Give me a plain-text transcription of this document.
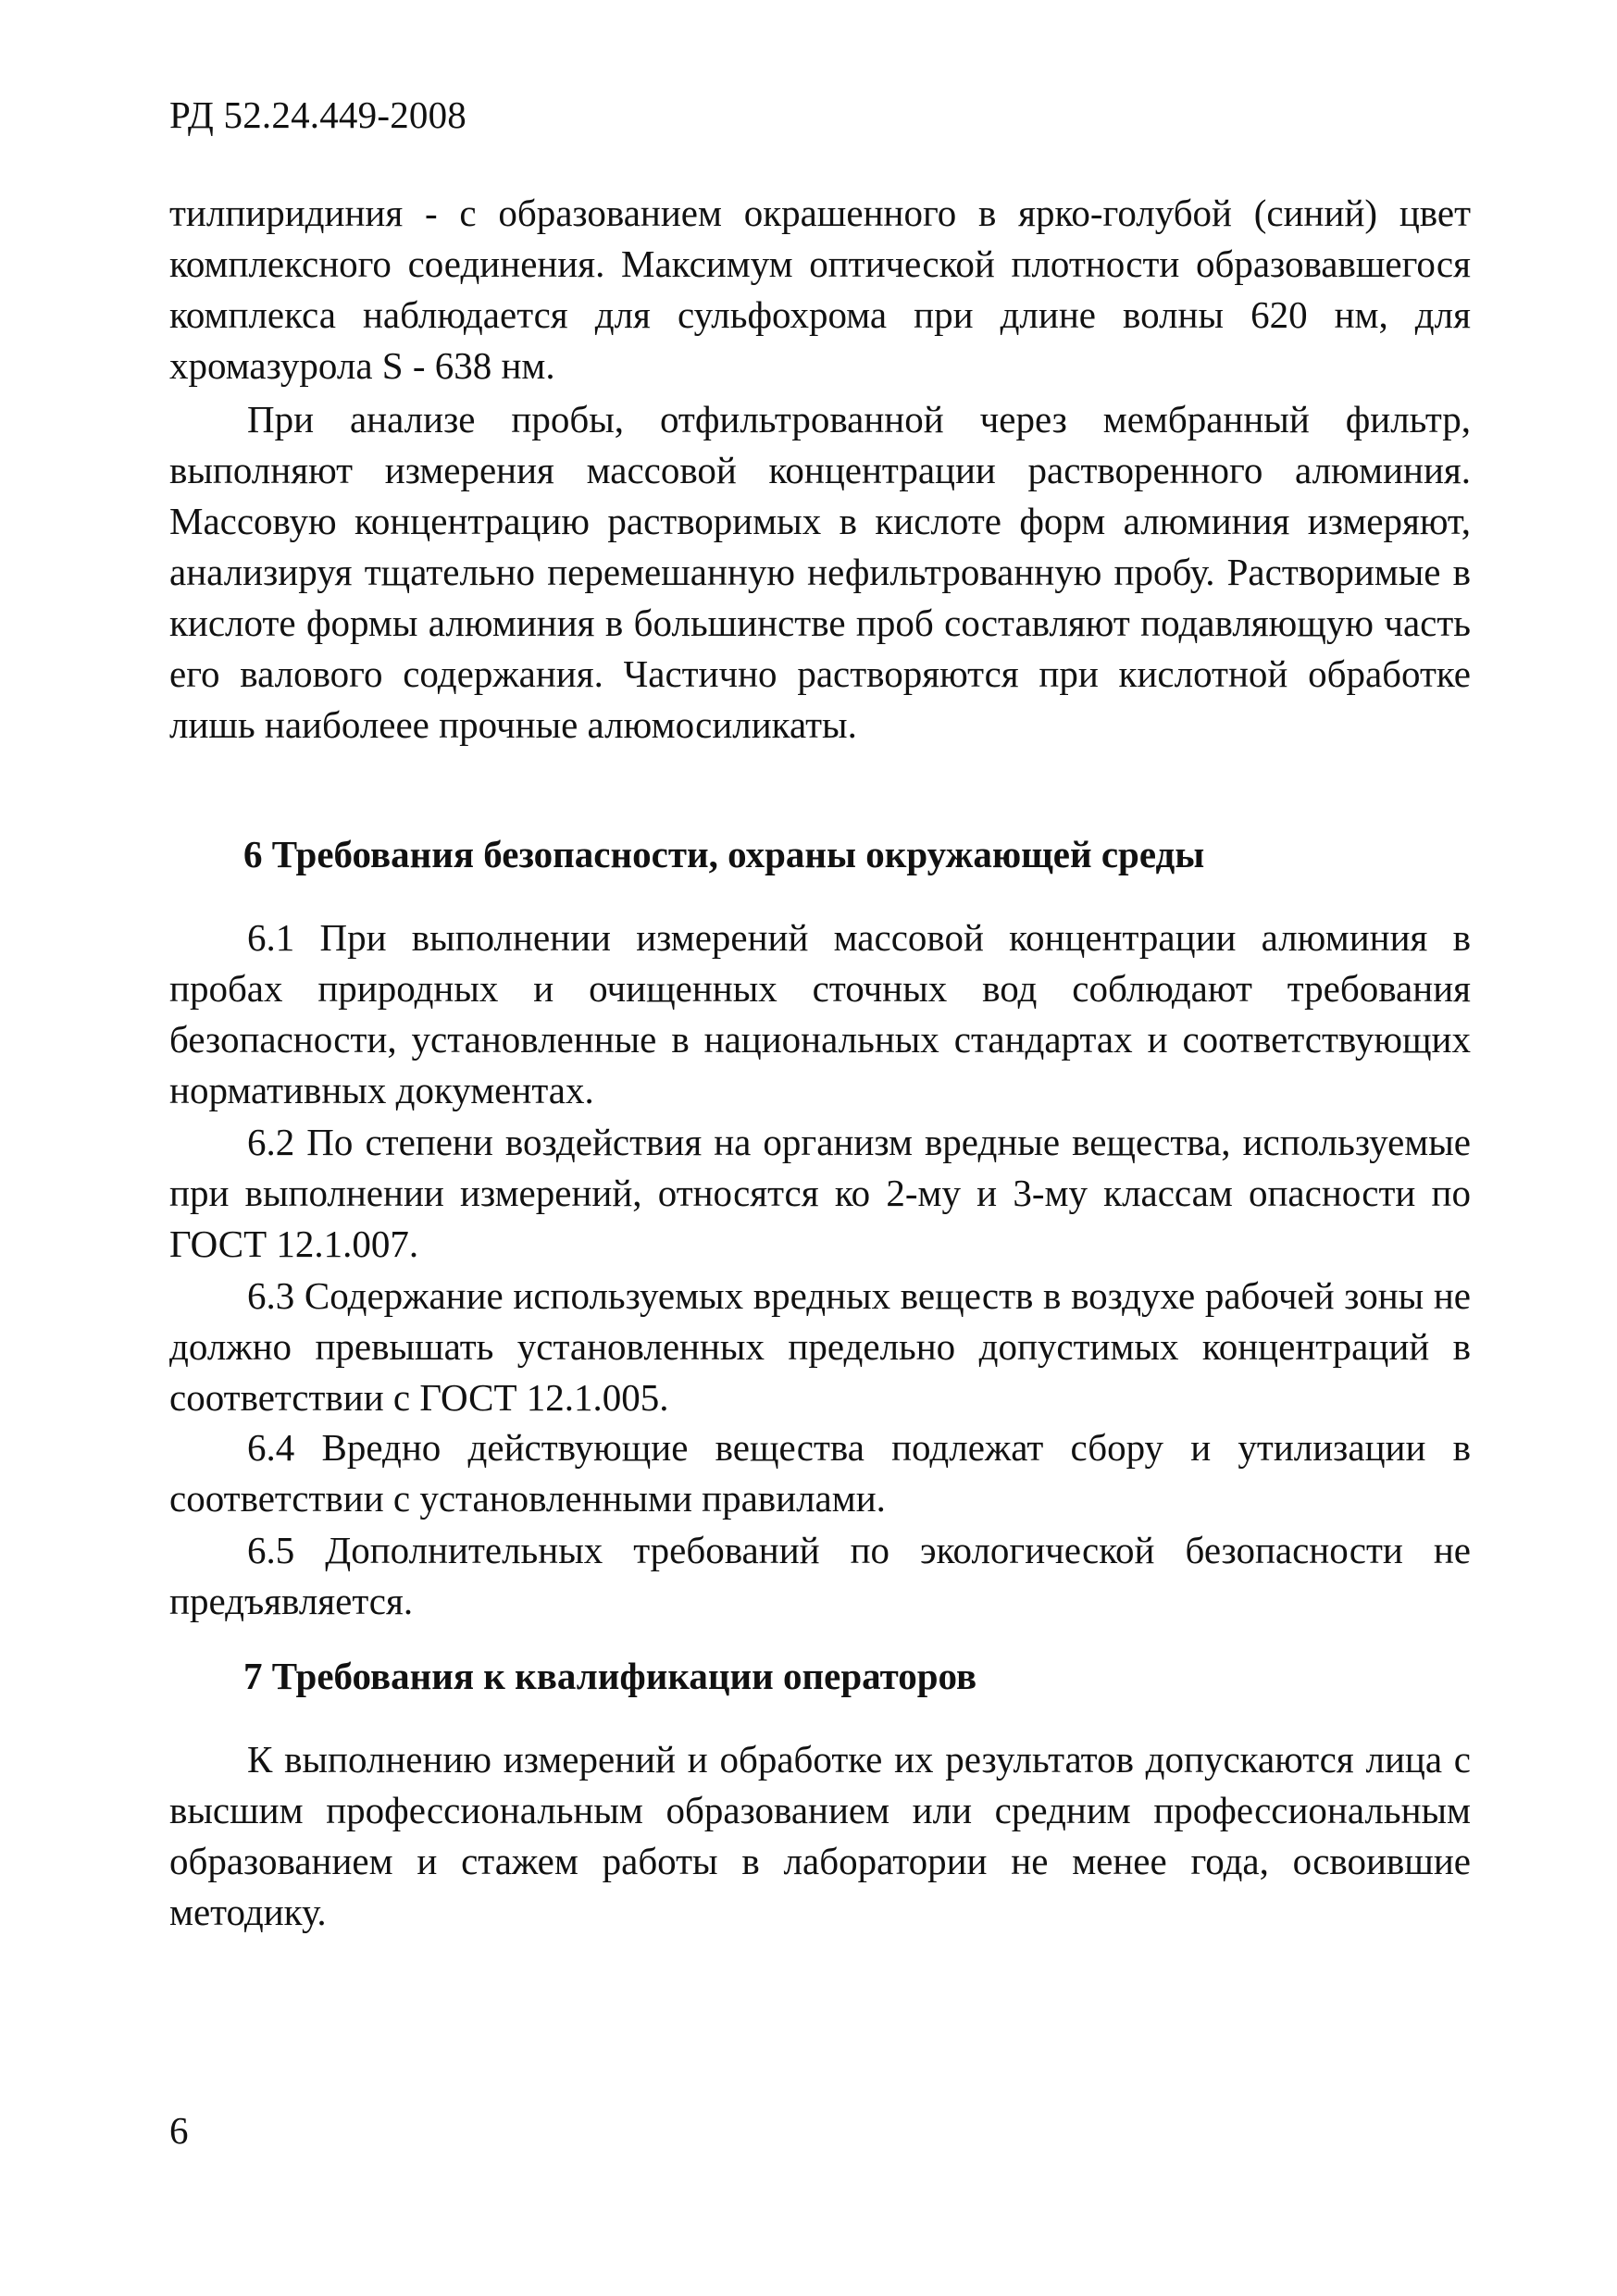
РД 52.24.449-2008

тилпиридиния - с образованием окрашенного в ярко-голубой (синий) цвет комплексного соединения. Максимум оптической плотности образовавшегося комплекса наблюдается для сульфохрома при длине волны 620 нм, для хромазурола S - 638 нм.

При анализе пробы, отфильтрованной через мембранный фильтр, выполняют измерения массовой концентрации растворенного алюминия. Массовую концентрацию растворимых в кислоте форм алюминия измеряют, анализируя тщательно перемешанную нефильтрованную пробу. Растворимые в кислоте формы алюминия в большинстве проб составляют подавляющую часть его валового содержания. Частично растворяются при кислотной обработке лишь наиболеее прочные алюмосиликаты.

6 Требования безопасности, охраны окружающей среды

6.1 При выполнении измерений массовой концентрации алюминия в пробах природных и очищенных сточных вод соблюдают требования безопасности, установленные в национальных стандартах и соответствующих нормативных документах.

6.2 По степени воздействия на организм вредные вещества, используемые при выполнении измерений, относятся ко 2-му и 3-му классам опасности по ГОСТ 12.1.007.

6.3 Содержание используемых вредных веществ в воздухе рабочей зоны не должно превышать установленных предельно допустимых концентраций в соответствии с ГОСТ 12.1.005.

6.4 Вредно действующие вещества подлежат сбору и утилизации в соответствии с установленными правилами.

6.5 Дополнительных требований по экологической безопасности не предъявляется.

7 Требования к квалификации операторов

К выполнению измерений и обработке их результатов допускаются лица с высшим профессиональным образованием или средним профессиональным образованием и стажем работы в лаборатории не менее года, освоившие методику.

6
